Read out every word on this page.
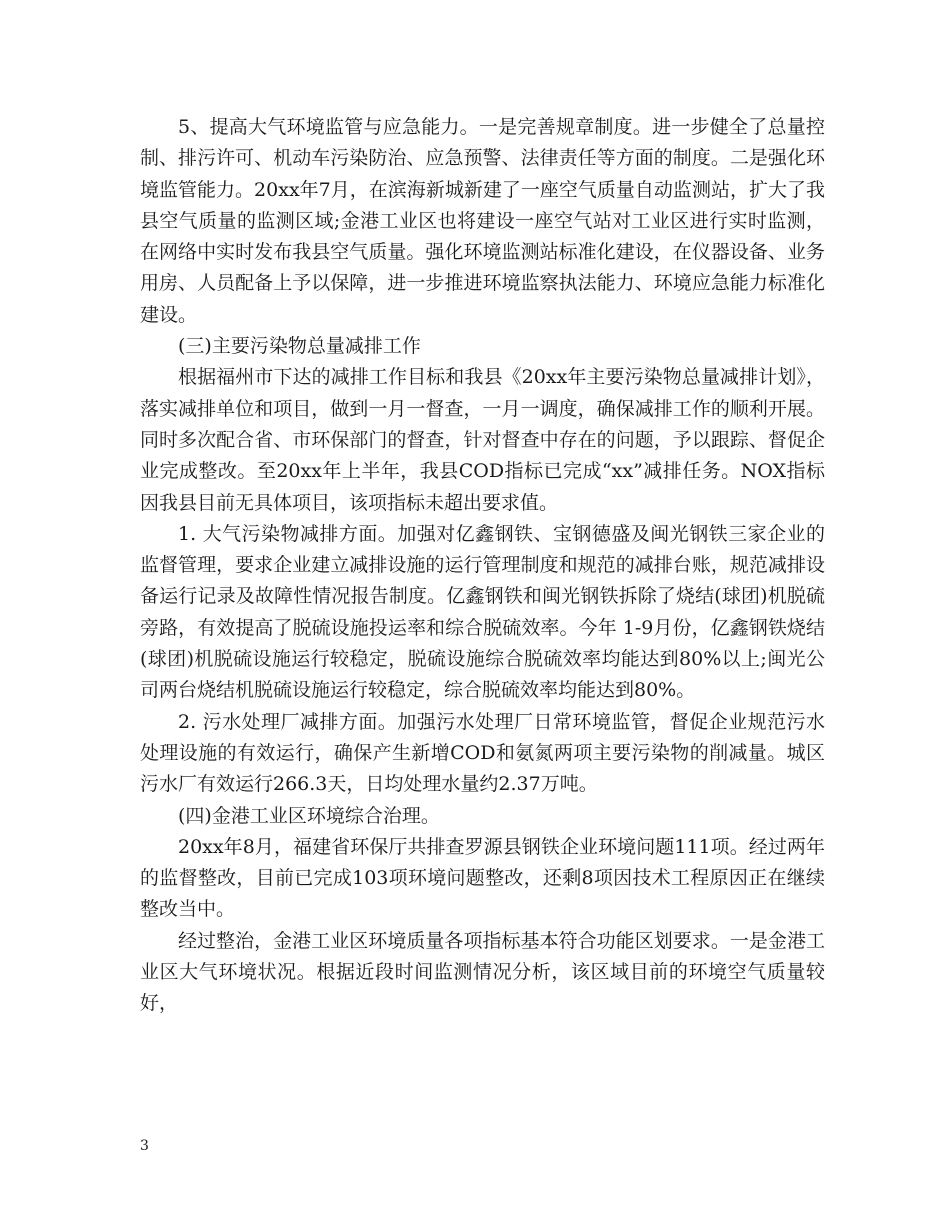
5、提高大气环境监管与应急能力。一是完善规章制度。进一步健全了总量控制、排污许可、机动车污染防治、应急预警、法律责任等方面的制度。二是强化环境监管能力。20xx年7月，在滨海新城新建了一座空气质量自动监测站，扩大了我县空气质量的监测区域;金港工业区也将建设一座空气站对工业区进行实时监测，在网络中实时发布我县空气质量。强化环境监测站标准化建设，在仪器设备、业务用房、人员配备上予以保障，进一步推进环境监察执法能力、环境应急能力标准化建设。

(三)主要污染物总量减排工作

根据福州市下达的减排工作目标和我县《20xx年主要污染物总量减排计划》，落实减排单位和项目，做到一月一督查，一月一调度，确保减排工作的顺利开展。同时多次配合省、市环保部门的督查，针对督查中存在的问题，予以跟踪、督促企业完成整改。至20xx年上半年，我县COD指标已完成“xx”减排任务。NOX指标因我县目前无具体项目，该项指标未超出要求值。

1. 大气污染物减排方面。加强对亿鑫钢铁、宝钢德盛及闽光钢铁三家企业的监督管理，要求企业建立减排设施的运行管理制度和规范的减排台账，规范减排设备运行记录及故障性情况报告制度。亿鑫钢铁和闽光钢铁拆除了烧结(球团)机脱硫旁路，有效提高了脱硫设施投运率和综合脱硫效率。今年 1-9月份，亿鑫钢铁烧结(球团)机脱硫设施运行较稳定，脱硫设施综合脱硫效率均能达到80%以上;闽光公司两台烧结机脱硫设施运行较稳定，综合脱硫效率均能达到80%。

2. 污水处理厂减排方面。加强污水处理厂日常环境监管，督促企业规范污水处理设施的有效运行，确保产生新增COD和氨氮两项主要污染物的削减量。城区污水厂有效运行266.3天，日均处理水量约2.37万吨。

(四)金港工业区环境综合治理。

20xx年8月，福建省环保厅共排查罗源县钢铁企业环境问题111项。经过两年的监督整改，目前已完成103项环境问题整改，还剩8项因技术工程原因正在继续整改当中。

经过整治，金港工业区环境质量各项指标基本符合功能区划要求。一是金港工业区大气环境状况。根据近段时间监测情况分析，该区域目前的环境空气质量较好，

3
